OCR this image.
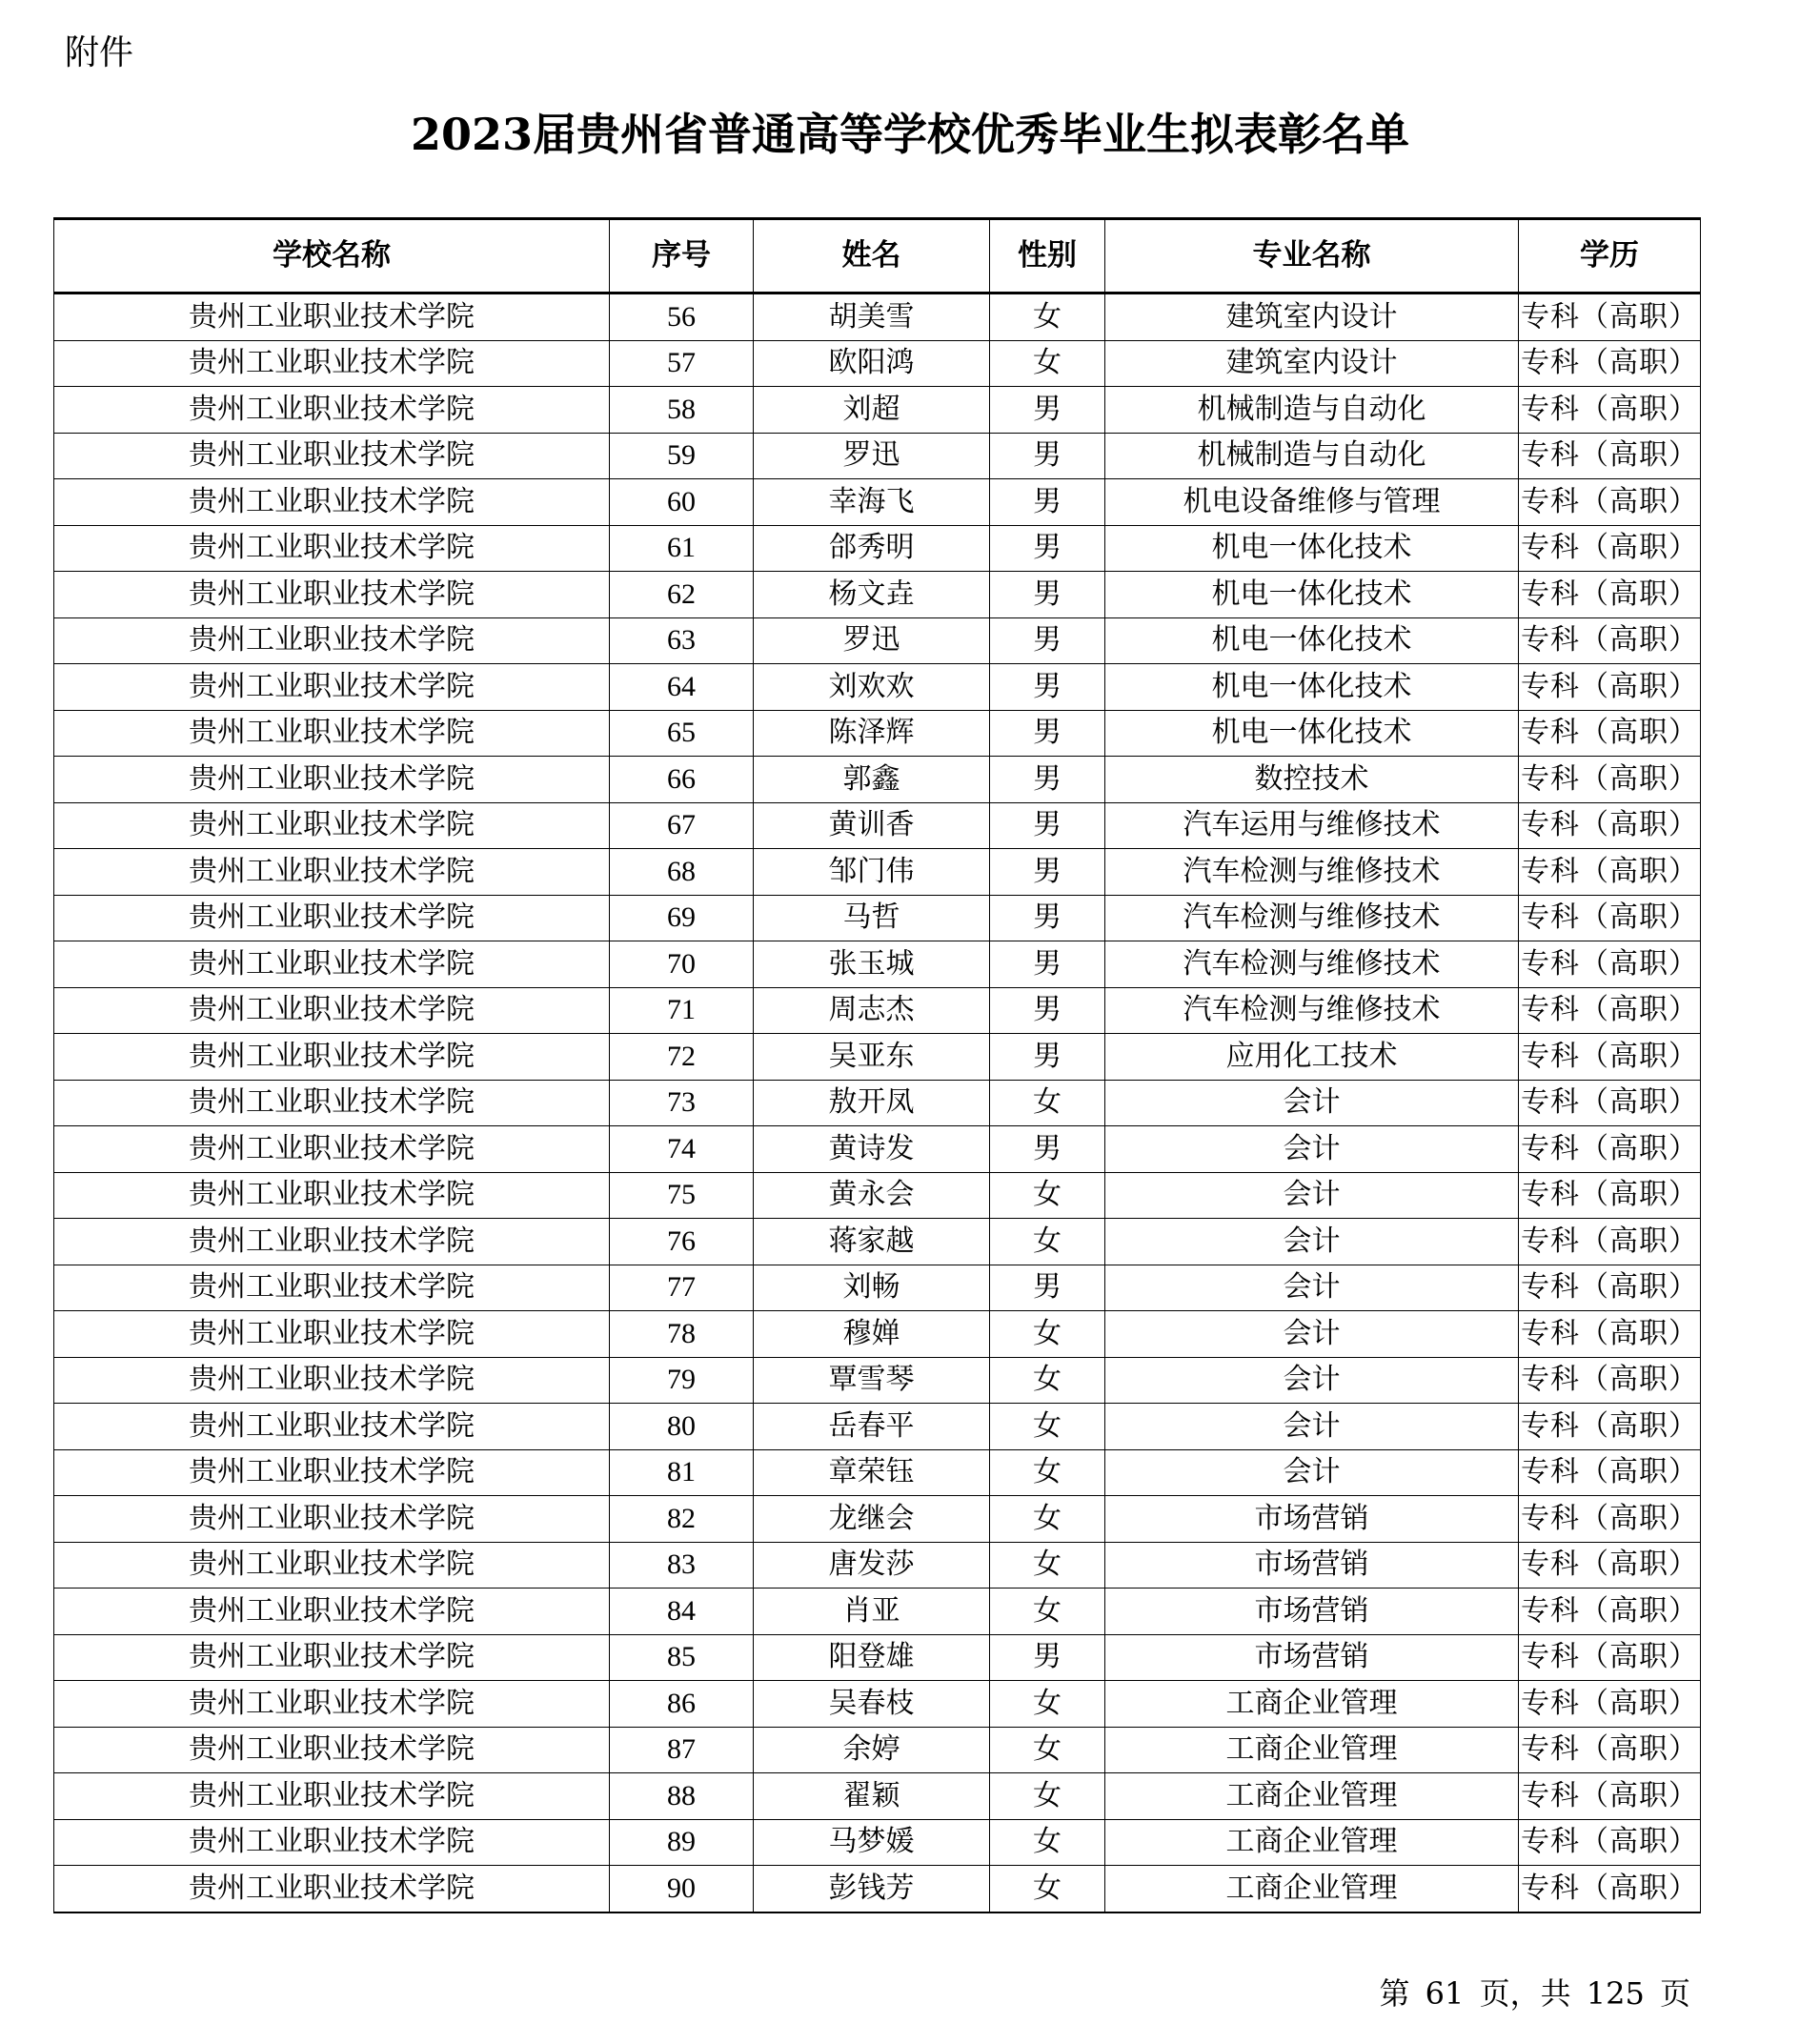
附件
2023届贵州省普通高等学校优秀毕业生拟表彰名单
学校名称	序号	姓名	性别	专业名称	学历
贵州工业职业技术学院	56	胡美雪	女	建筑室内设计	专科（高职）
贵州工业职业技术学院	57	欧阳鸿	女	建筑室内设计	专科（高职）
贵州工业职业技术学院	58	刘超	男	机械制造与自动化	专科（高职）
贵州工业职业技术学院	59	罗迅	男	机械制造与自动化	专科（高职）
贵州工业职业技术学院	60	幸海飞	男	机电设备维修与管理	专科（高职）
贵州工业职业技术学院	61	郃秀明	男	机电一体化技术	专科（高职）
贵州工业职业技术学院	62	杨文垚	男	机电一体化技术	专科（高职）
贵州工业职业技术学院	63	罗迅	男	机电一体化技术	专科（高职）
贵州工业职业技术学院	64	刘欢欢	男	机电一体化技术	专科（高职）
贵州工业职业技术学院	65	陈泽辉	男	机电一体化技术	专科（高职）
贵州工业职业技术学院	66	郭鑫	男	数控技术	专科（高职）
贵州工业职业技术学院	67	黄训香	男	汽车运用与维修技术	专科（高职）
贵州工业职业技术学院	68	邹门伟	男	汽车检测与维修技术	专科（高职）
贵州工业职业技术学院	69	马哲	男	汽车检测与维修技术	专科（高职）
贵州工业职业技术学院	70	张玉城	男	汽车检测与维修技术	专科（高职）
贵州工业职业技术学院	71	周志杰	男	汽车检测与维修技术	专科（高职）
贵州工业职业技术学院	72	吴亚东	男	应用化工技术	专科（高职）
贵州工业职业技术学院	73	敖开凤	女	会计	专科（高职）
贵州工业职业技术学院	74	黄诗发	男	会计	专科（高职）
贵州工业职业技术学院	75	黄永会	女	会计	专科（高职）
贵州工业职业技术学院	76	蒋家越	女	会计	专科（高职）
贵州工业职业技术学院	77	刘畅	男	会计	专科（高职）
贵州工业职业技术学院	78	穆婵	女	会计	专科（高职）
贵州工业职业技术学院	79	覃雪琴	女	会计	专科（高职）
贵州工业职业技术学院	80	岳春平	女	会计	专科（高职）
贵州工业职业技术学院	81	章荣钰	女	会计	专科（高职）
贵州工业职业技术学院	82	龙继会	女	市场营销	专科（高职）
贵州工业职业技术学院	83	唐发莎	女	市场营销	专科（高职）
贵州工业职业技术学院	84	肖亚	女	市场营销	专科（高职）
贵州工业职业技术学院	85	阳登雄	男	市场营销	专科（高职）
贵州工业职业技术学院	86	吴春枝	女	工商企业管理	专科（高职）
贵州工业职业技术学院	87	余婷	女	工商企业管理	专科（高职）
贵州工业职业技术学院	88	翟颖	女	工商企业管理	专科（高职）
贵州工业职业技术学院	89	马梦媛	女	工商企业管理	专科（高职）
贵州工业职业技术学院	90	彭钱芳	女	工商企业管理	专科（高职）
第 61 页，共 125 页
